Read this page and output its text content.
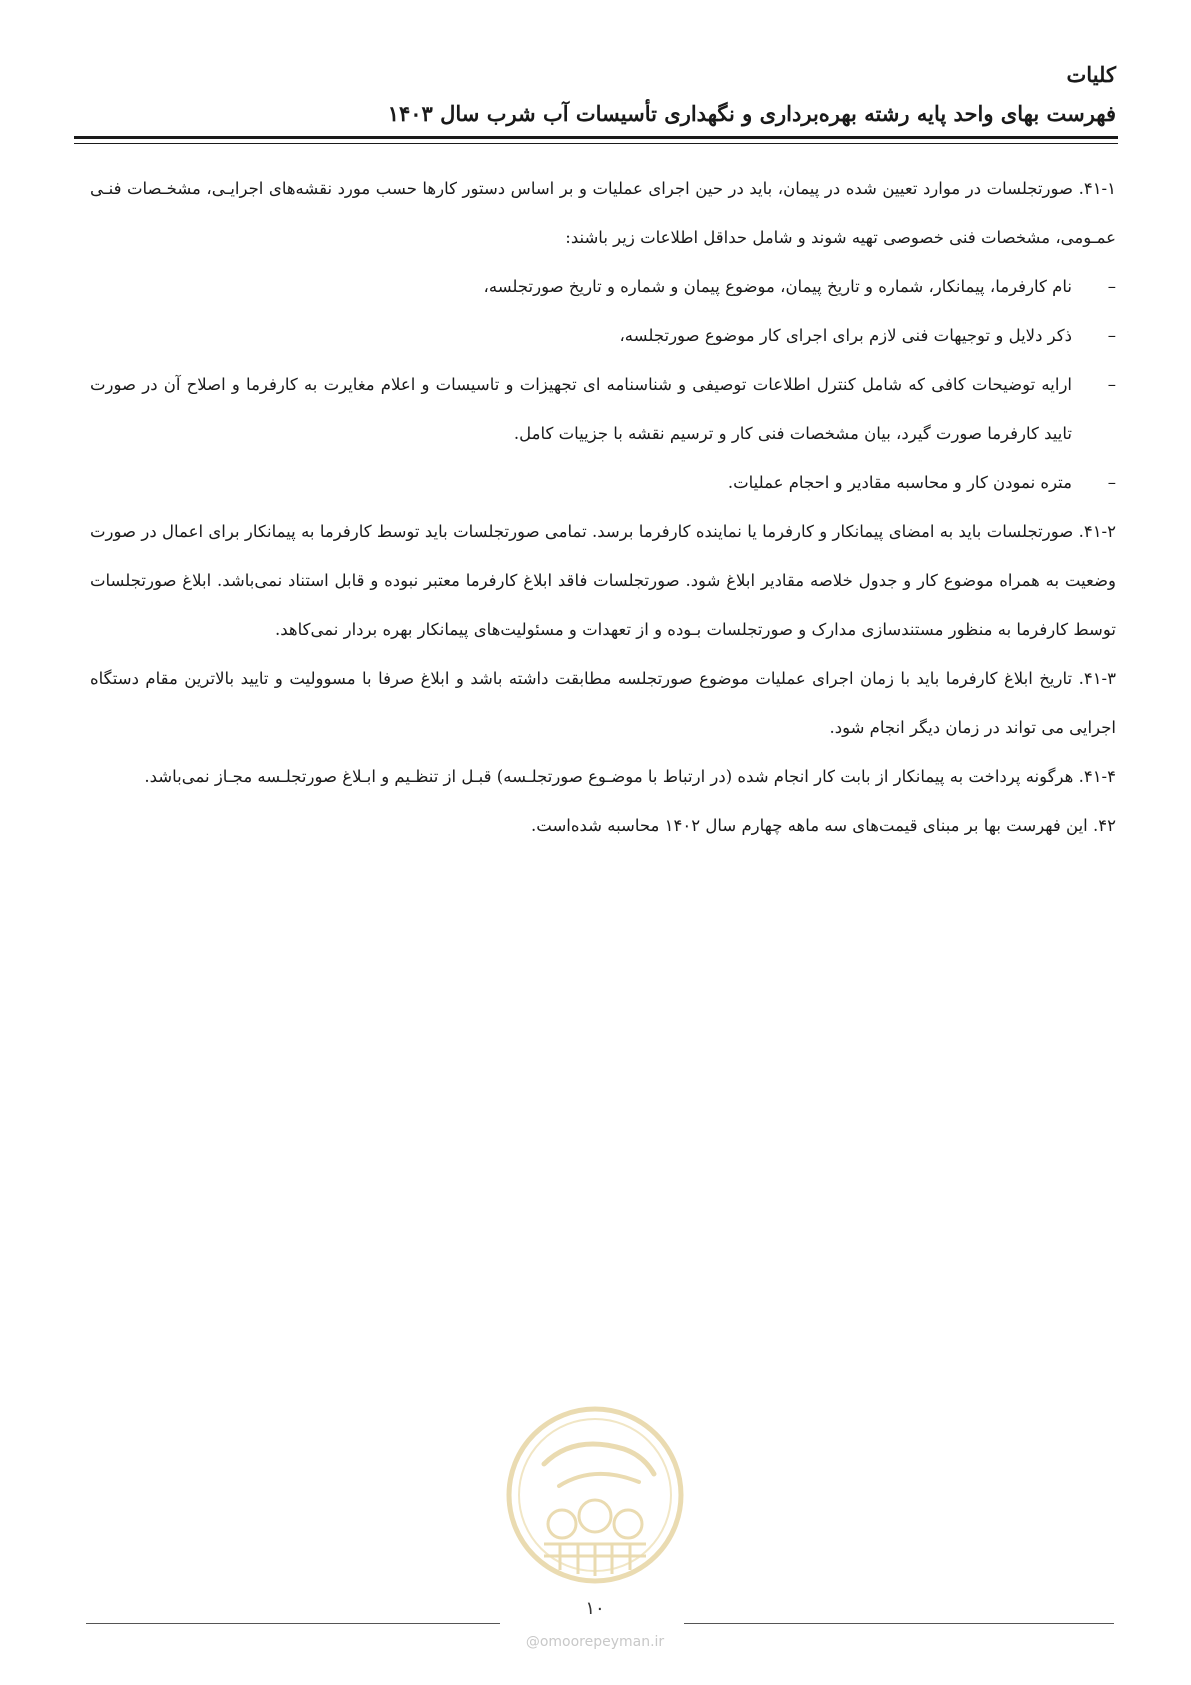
کلیات
فهرست بهای واحد پایه رشته بهره‌برداری و نگهداری تأسیسات آب شرب سال ۱۴۰۳

۴۱-۱. صورتجلسات در موارد تعیین شده در پیمان، باید در حین اجرای عملیات و بر اساس دستور کارها حسب مورد نقشه‌های اجرایـی، مشخـصات فنـی عمـومی، مشخصات فنی خصوصی تهیه شوند و شامل حداقل اطلاعات زیر باشند:

–
نام کارفرما، پیمانکار، شماره و تاریخ پیمان، موضوع پیمان و شماره و تاریخ صورتجلسه،

–
ذکر دلایل و توجیهات فنی لازم برای اجرای کار موضوع صورتجلسه،

–
ارایه توضیحات کافی که شامل کنترل اطلاعات توصیفی و شناسنامه ای تجهیزات و تاسیسات و اعلام مغایرت به کارفرما و اصلاح آن در صورت تایید کارفرما صورت گیرد، بیان مشخصات فنی کار و ترسیم نقشه با جزییات کامل.

–
متره نمودن کار و محاسبه مقادیر و احجام عملیات.

۴۱-۲. صورتجلسات باید به امضای پیمانکار و کارفرما یا نماینده کارفرما برسد. تمامی صورتجلسات باید توسط کارفرما به پیمانکار برای اعمال در صورت وضعیت به همراه موضوع کار و جدول خلاصه مقادیر ابلاغ شود. صورتجلسات فاقد ابلاغ کارفرما معتبر نبوده و قابل استناد نمی‌باشد. ابلاغ صورتجلسات توسط کارفرما به منظور مستندسازی مدارک و صورتجلسات بـوده و از تعهدات و مسئولیت‌های پیمانکار بهره بردار نمی‌کاهد.

۴۱-۳. تاریخ ابلاغ کارفرما باید با زمان اجرای عملیات موضوع صورتجلسه مطابقت داشته باشد و ابلاغ صرفا با مسوولیت و تایید بالاترین مقام دستگاه اجرایی می تواند در زمان دیگر انجام شود.

۴۱-۴. هرگونه پرداخت به پیمانکار از بابت کار انجام شده (در ارتباط با موضـوع صورتجلـسه) قبـل از تنظـیم و ابـلاغ صورتجلـسه مجـاز نمی‌باشد.

۴۲. این فهرست بها بر مبنای قیمت‌های سه ماهه چهارم سال ۱۴۰۲ محاسبه شده‌است.

۱۰
@omoorepeyman.ir
